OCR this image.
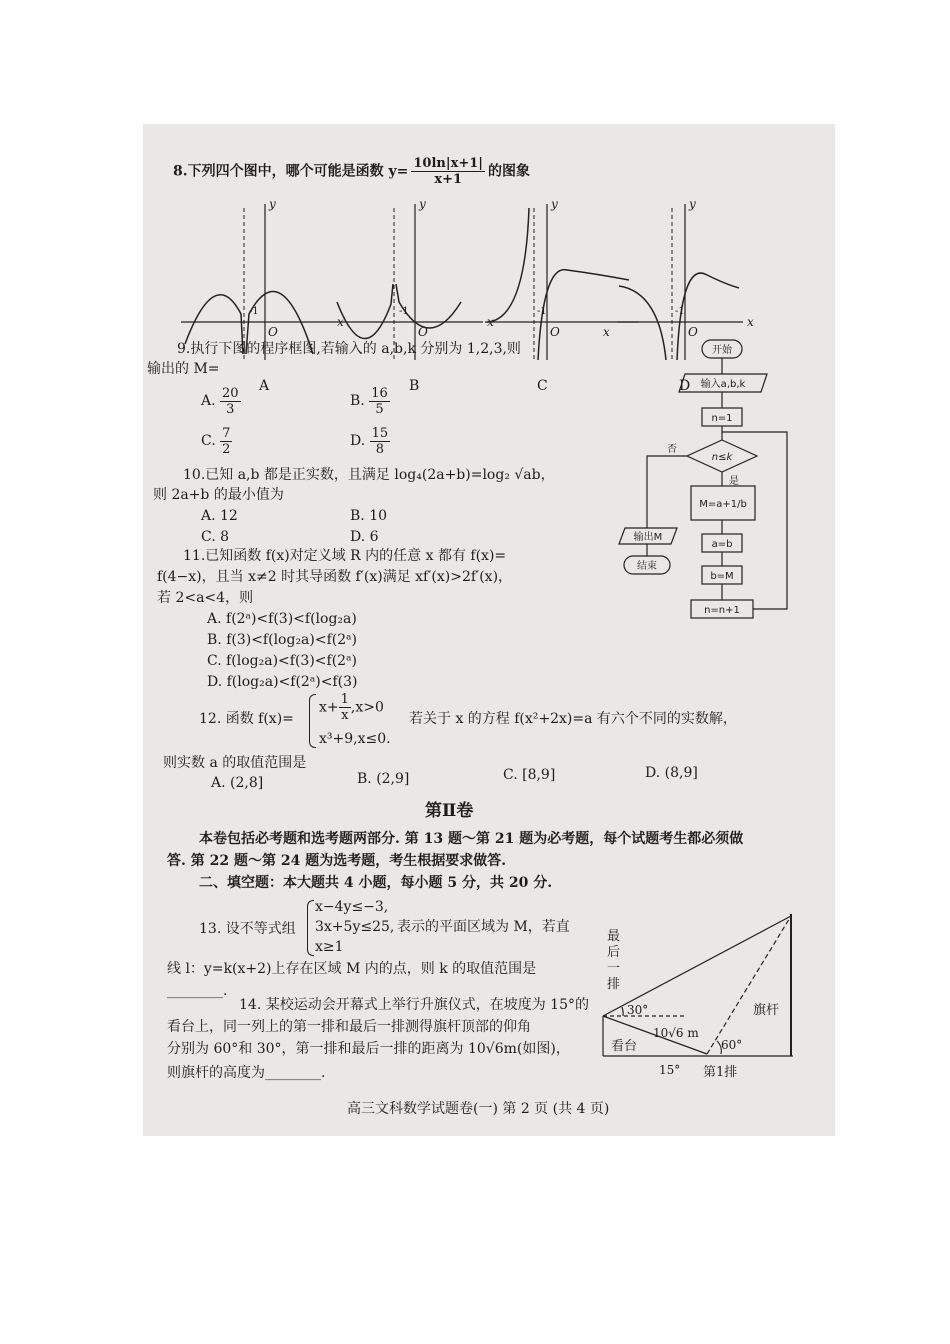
8.下列四个图中，哪个可能是函数 $y= \frac{10\ln|x+1|}{x+1}$ 的图象
y
x
O
-1
A
y
x
O
-1
B
y
x
O
-1
C
y
x
O
-1
D
9.执行下图的程序框图,若输入的 a,b,k 分别为 1,2,3,则
输出的 M=
A. $\frac{20}{3}$	B. $\frac{16}{5}$
C. $\frac{7}{2}$	D. $\frac{15}{8}$
开始
输入a,b,k
n=1
n≤k
否
是
M=a+1/b
a=b
b=M
n=n+1
输出M
结束
10.已知 a,b 都是正实数，且满足 log₄(2a+b)=log₂ √ab，
则 2a+b 的最小值为
A. 12	B. 10
C. 8	D. 6
11.已知函数 f(x)对定义域 R 内的任意 x 都有 f(x)=
f(4−x)，且当 x≠2 时其导函数 f′(x)满足 xf′(x)>2f′(x)，
若 2<a<4，则
A. f(2ᵃ)<f(3)<f(log₂a)
B. f(3)<f(log₂a)<f(2ᵃ)
C. f(log₂a)<f(3)<f(2ᵃ)
D. f(log₂a)<f(2ᵃ)<f(3)
12. 函数 f(x)=
$x+ \frac{1}{x} ,x>0$
x³+9,x≤0.
若关于 x 的方程 f(x²+2x)=a 有六个不同的实数解，
则实数 a 的取值范围是
A. (2,8]	B. (2,9]	C. [8,9]	D. (8,9]
第Ⅱ卷
本卷包括必考题和选考题两部分. 第 13 题～第 21 题为必考题，每个试题考生都必须做
答. 第 22 题～第 24 题为选考题，考生根据要求做答.
二、填空题：本大题共 4 小题，每小题 5 分，共 20 分.
13. 设不等式组
x−4y≤−3,
3x+5y≤25,
x≥1
表示的平面区域为 M，若直
线 l：y=k(x+2)上存在区域 M 内的点，则 k 的取值范围是
________.
14. 某校运动会开幕式上举行升旗仪式，在坡度为 15°的
看台上，同一列上的第一排和最后一排测得旗杆顶部的仰角
分别为 60°和 30°，第一排和最后一排的距离为 10√6m(如图)，
则旗杆的高度为________.
最
后
一
排
30°
10√6 m
60°
旗杆
看台
15° 第1排
高三文科数学试题卷(一) 第 2 页 (共 4 页)
